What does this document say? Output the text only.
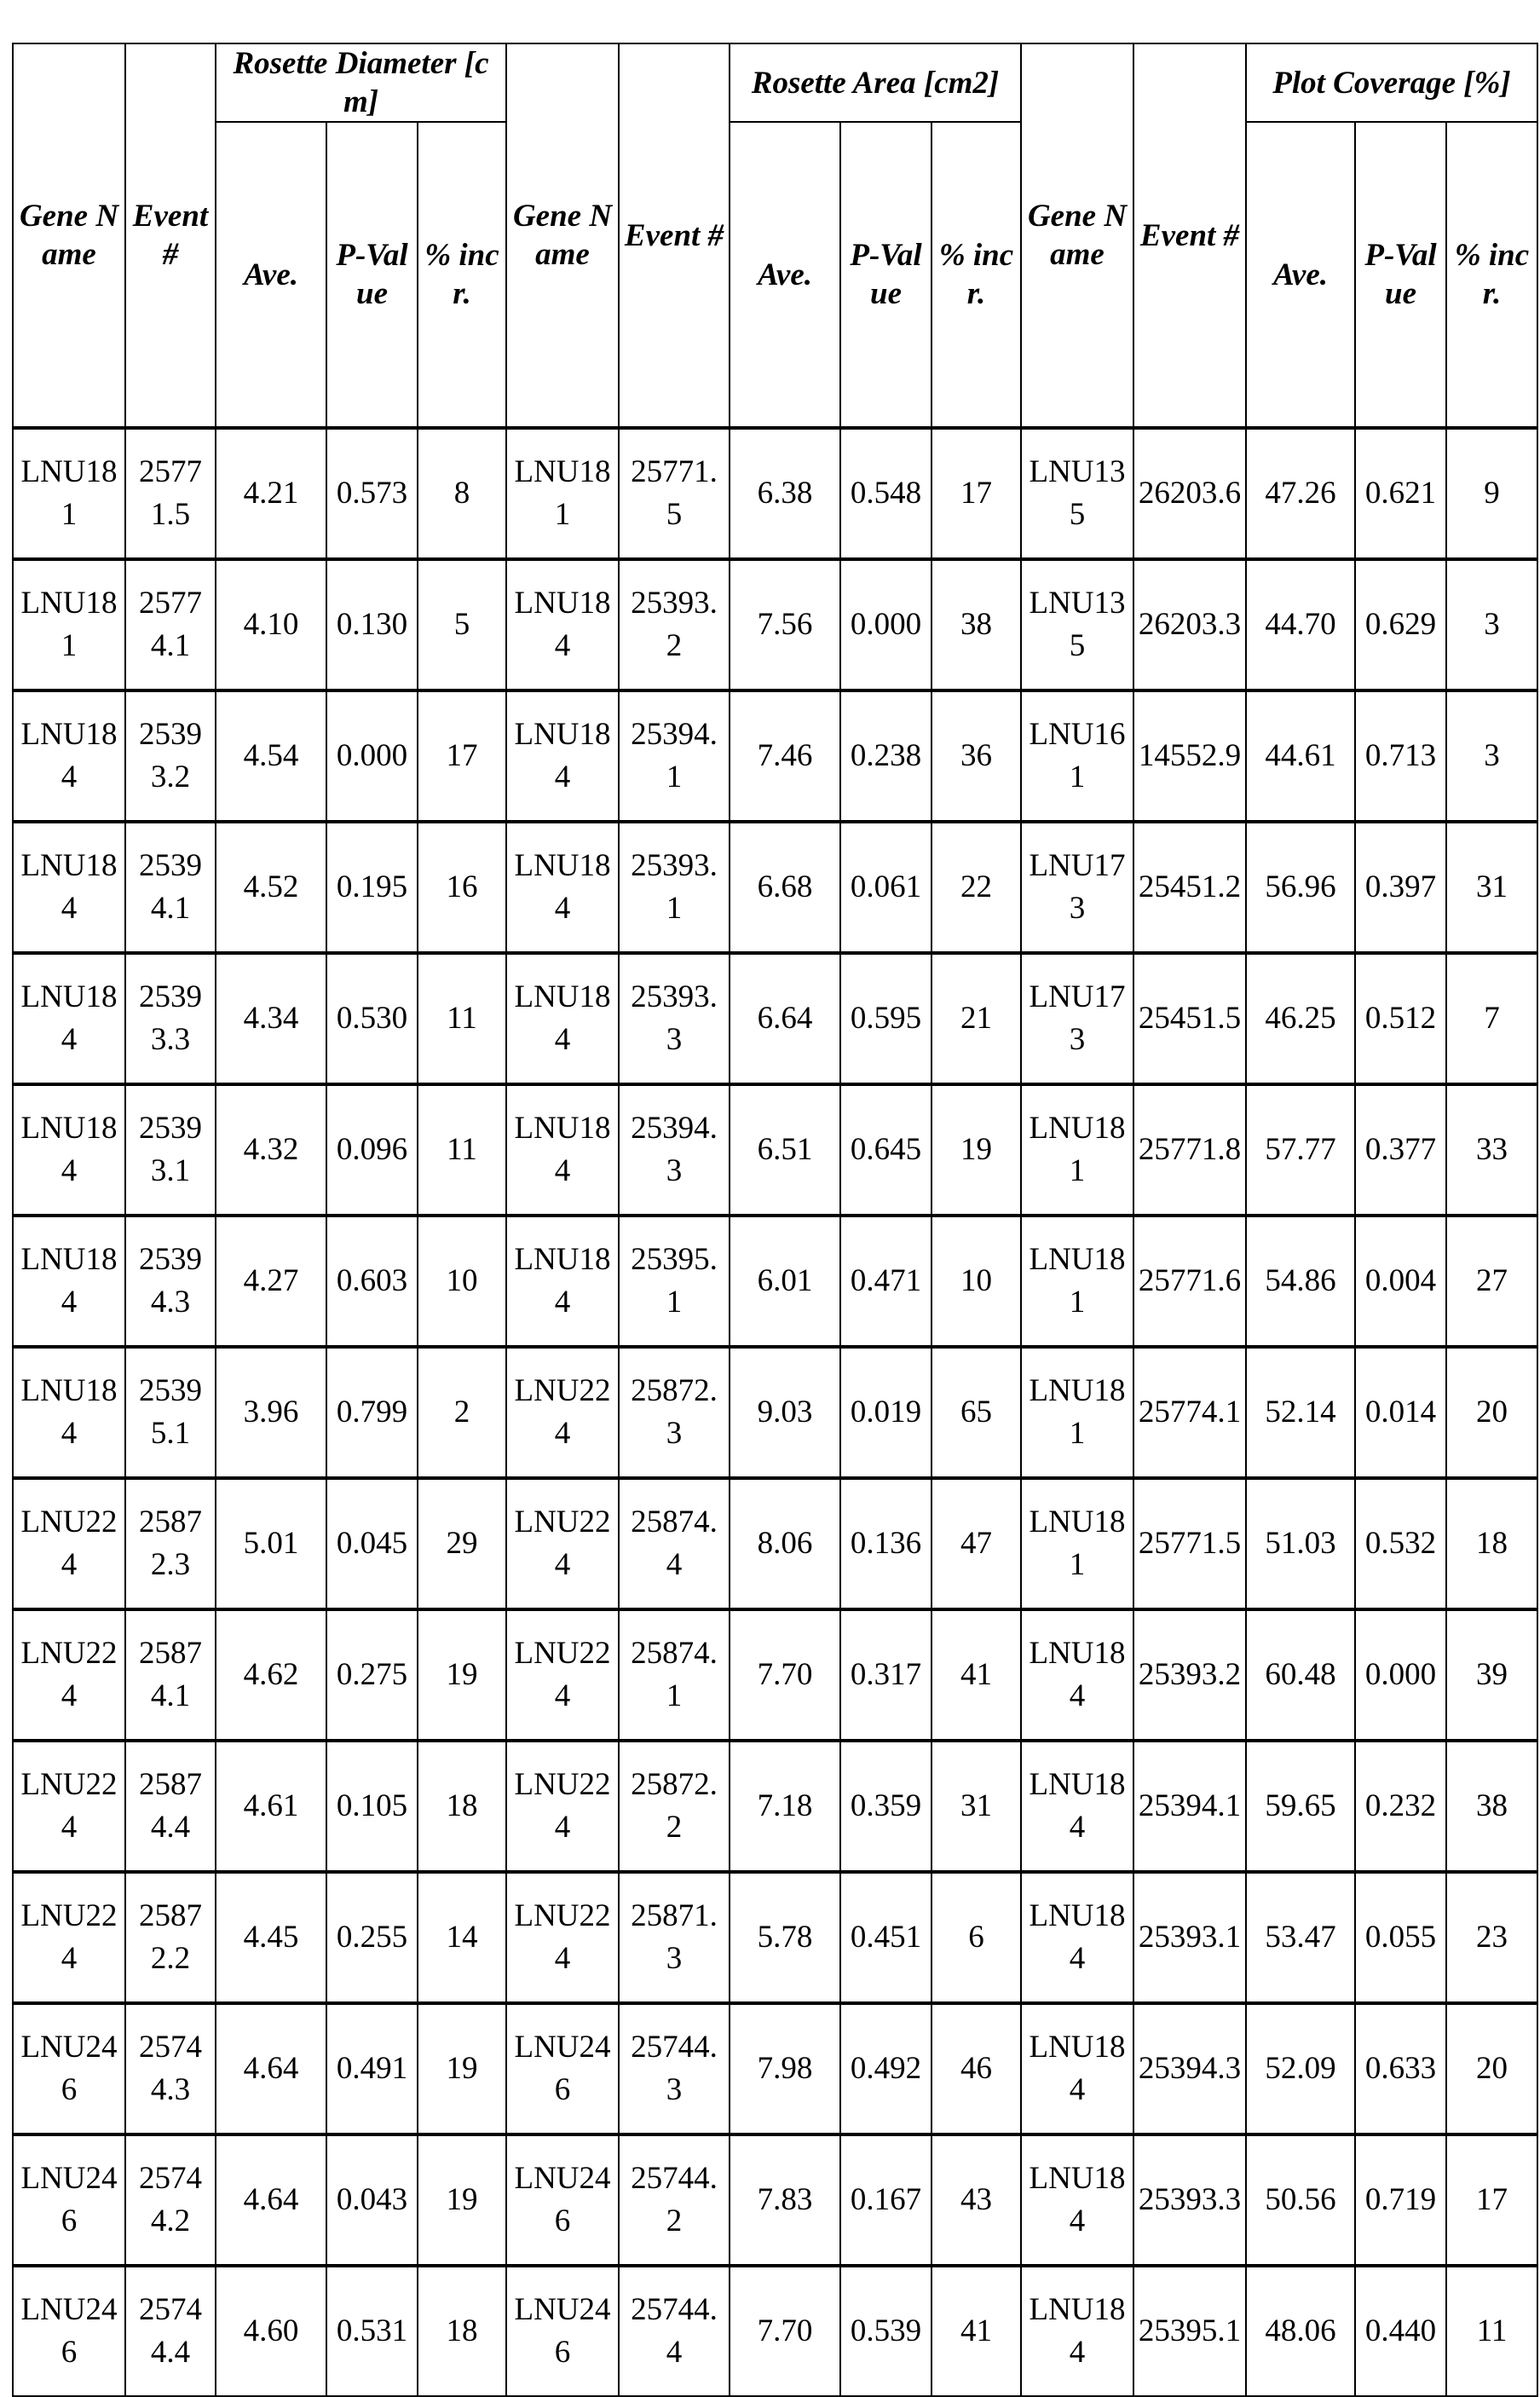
Gene Name	Event #	Rosette Diameter [cm]			Gene Name	Event #	Rosette Area [cm2]			Gene Name	Event #	Plot Coverage [%]		
		Ave.	P-Value	% incr.			Ave.	P-Value	% incr.			Ave.	P-Value	% incr.
LNU181	25771.5	4.21	0.573	8	LNU181	25771.5	6.38	0.548	17	LNU135	26203.6	47.26	0.621	9
LNU181	25774.1	4.10	0.130	5	LNU184	25393.2	7.56	0.000	38	LNU135	26203.3	44.70	0.629	3
LNU184	25393.2	4.54	0.000	17	LNU184	25394.1	7.46	0.238	36	LNU161	14552.9	44.61	0.713	3
LNU184	25394.1	4.52	0.195	16	LNU184	25393.1	6.68	0.061	22	LNU173	25451.2	56.96	0.397	31
LNU184	25393.3	4.34	0.530	11	LNU184	25393.3	6.64	0.595	21	LNU173	25451.5	46.25	0.512	7
LNU184	25393.1	4.32	0.096	11	LNU184	25394.3	6.51	0.645	19	LNU181	25771.8	57.77	0.377	33
LNU184	25394.3	4.27	0.603	10	LNU184	25395.1	6.01	0.471	10	LNU181	25771.6	54.86	0.004	27
LNU184	25395.1	3.96	0.799	2	LNU224	25872.3	9.03	0.019	65	LNU181	25774.1	52.14	0.014	20
LNU224	25872.3	5.01	0.045	29	LNU224	25874.4	8.06	0.136	47	LNU181	25771.5	51.03	0.532	18
LNU224	25874.1	4.62	0.275	19	LNU224	25874.1	7.70	0.317	41	LNU184	25393.2	60.48	0.000	39
LNU224	25874.4	4.61	0.105	18	LNU224	25872.2	7.18	0.359	31	LNU184	25394.1	59.65	0.232	38
LNU224	25872.2	4.45	0.255	14	LNU224	25871.3	5.78	0.451	6	LNU184	25393.1	53.47	0.055	23
LNU246	25744.3	4.64	0.491	19	LNU246	25744.3	7.98	0.492	46	LNU184	25394.3	52.09	0.633	20
LNU246	25744.2	4.64	0.043	19	LNU246	25744.2	7.83	0.167	43	LNU184	25393.3	50.56	0.719	17
LNU246	25744.4	4.60	0.531	18	LNU246	25744.4	7.70	0.539	41	LNU184	25395.1	48.06	0.440	11
